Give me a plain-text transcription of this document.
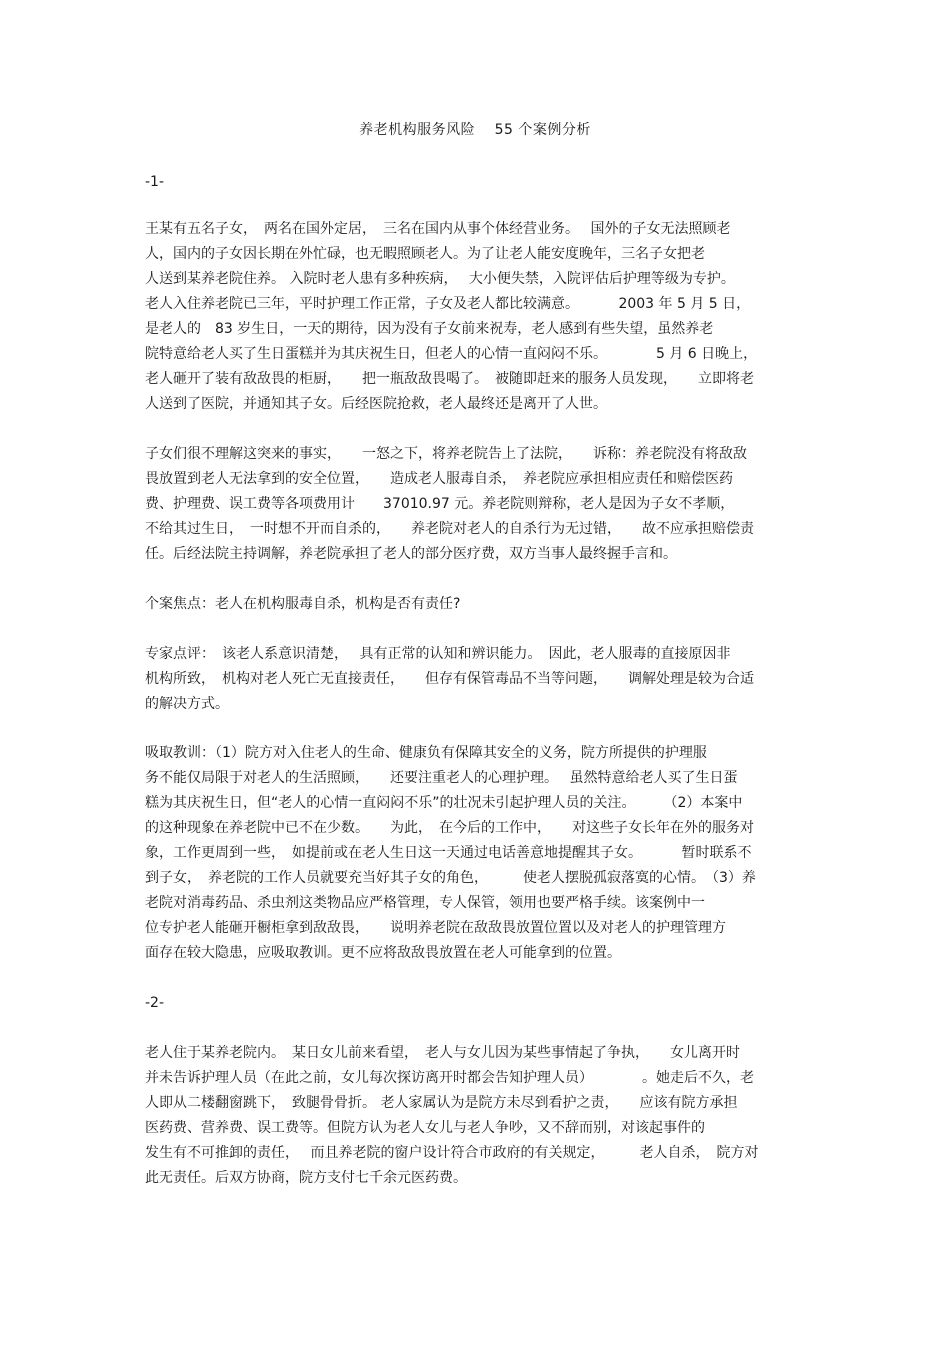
养老机构服务风险　 55 个案例分析
-1-
王某有五名子女，　两名在国外定居，　三名在国内从事个体经营业务。　 国外的子女无法照顾老
人，国内的子女因长期在外忙碌，也无暇照顾老人。为了让老人能安度晚年，三名子女把老
人送到某养老院住养。 入院时老人患有多种疾病，　 大小便失禁，入院评估后护理等级为专护。
老人入住养老院已三年，平时护理工作正常，子女及老人都比较满意。　　　 2003 年 5 月 5 日，
是老人的　83 岁生日，一天的期待，因为没有子女前来祝寿，老人感到有些失望，虽然养老
院特意给老人买了生日蛋糕并为其庆祝生日，但老人的心情一直闷闷不乐。　　　　5 月 6 日晚上，
老人砸开了装有敌敌畏的柜厨，　　把一瓶敌敌畏喝了。　被随即赶来的服务人员发现，　　立即将老
人送到了医院，并通知其子女。后经医院抢救，老人最终还是离开了人世。
子女们很不理解这突来的事实，　　一怒之下，将养老院告上了法院，　　诉称：养老院没有将敌敌
畏放置到老人无法拿到的安全位置，　　造成老人服毒自杀，　养老院应承担相应责任和赔偿医药
费、护理费、误工费等各项费用计　　37010.97 元。养老院则辩称，老人是因为子女不孝顺，
不给其过生日，　一时想不开而自杀的，　　养老院对老人的自杀行为无过错，　　故不应承担赔偿责
任。后经法院主持调解，养老院承担了老人的部分医疗费，双方当事人最终握手言和。
个案焦点：老人在机构服毒自杀，机构是否有责任?
专家点评：　该老人系意识清楚，　 具有正常的认知和辨识能力。　因此，老人服毒的直接原因非
机构所致，　机构对老人死亡无直接责任，　　但存有保管毒品不当等问题，　　调解处理是较为合适
的解决方式。
吸取教训：（1）院方对入住老人的生命、健康负有保障其安全的义务，院方所提供的护理服
务不能仅局限于对老人的生活照顾，　　还要注重老人的心理护理。　 虽然特意给老人买了生日蛋
糕为其庆祝生日，但“老人的心情一直闷闷不乐”的壮况未引起护理人员的关注。　　　（2）本案中
的这种现象在养老院中已不在少数。　　为此，　在今后的工作中，　　对这些子女长年在外的服务对
象，工作更周到一些，　如提前或在老人生日这一天通过电话善意地提醒其子女。　　　 暂时联系不
到子女，　养老院的工作人员就要充当好其子女的角色，　　　使老人摆脱孤寂落寞的心情。　（3）养
老院对消毒药品、杀虫剂这类物品应严格管理，专人保管，领用也要严格手续。该案例中一
位专护老人能砸开橱柜拿到敌敌畏，　　说明养老院在敌敌畏放置位置以及对老人的护理管理方
面存在较大隐患，应吸取教训。更不应将敌敌畏放置在老人可能拿到的位置。
-2-
老人住于某养老院内。　某日女儿前来看望，　老人与女儿因为某些事情起了争执，　　女儿离开时
并未告诉护理人员（在此之前，女儿每次探访离开时都会告知护理人员）　　　　。她走后不久，老
人即从二楼翻窗跳下，　致腿骨骨折。 老人家属认为是院方未尽到看护之责，　　应该有院方承担
医药费、营养费、误工费等。但院方认为老人女儿与老人争吵，又不辞而别，对该起事件的
发生有不可推卸的责任，　 而且养老院的窗户设计符合市政府的有关规定，　　　老人自杀，　院方对
此无责任。后双方协商，院方支付七千余元医药费。
